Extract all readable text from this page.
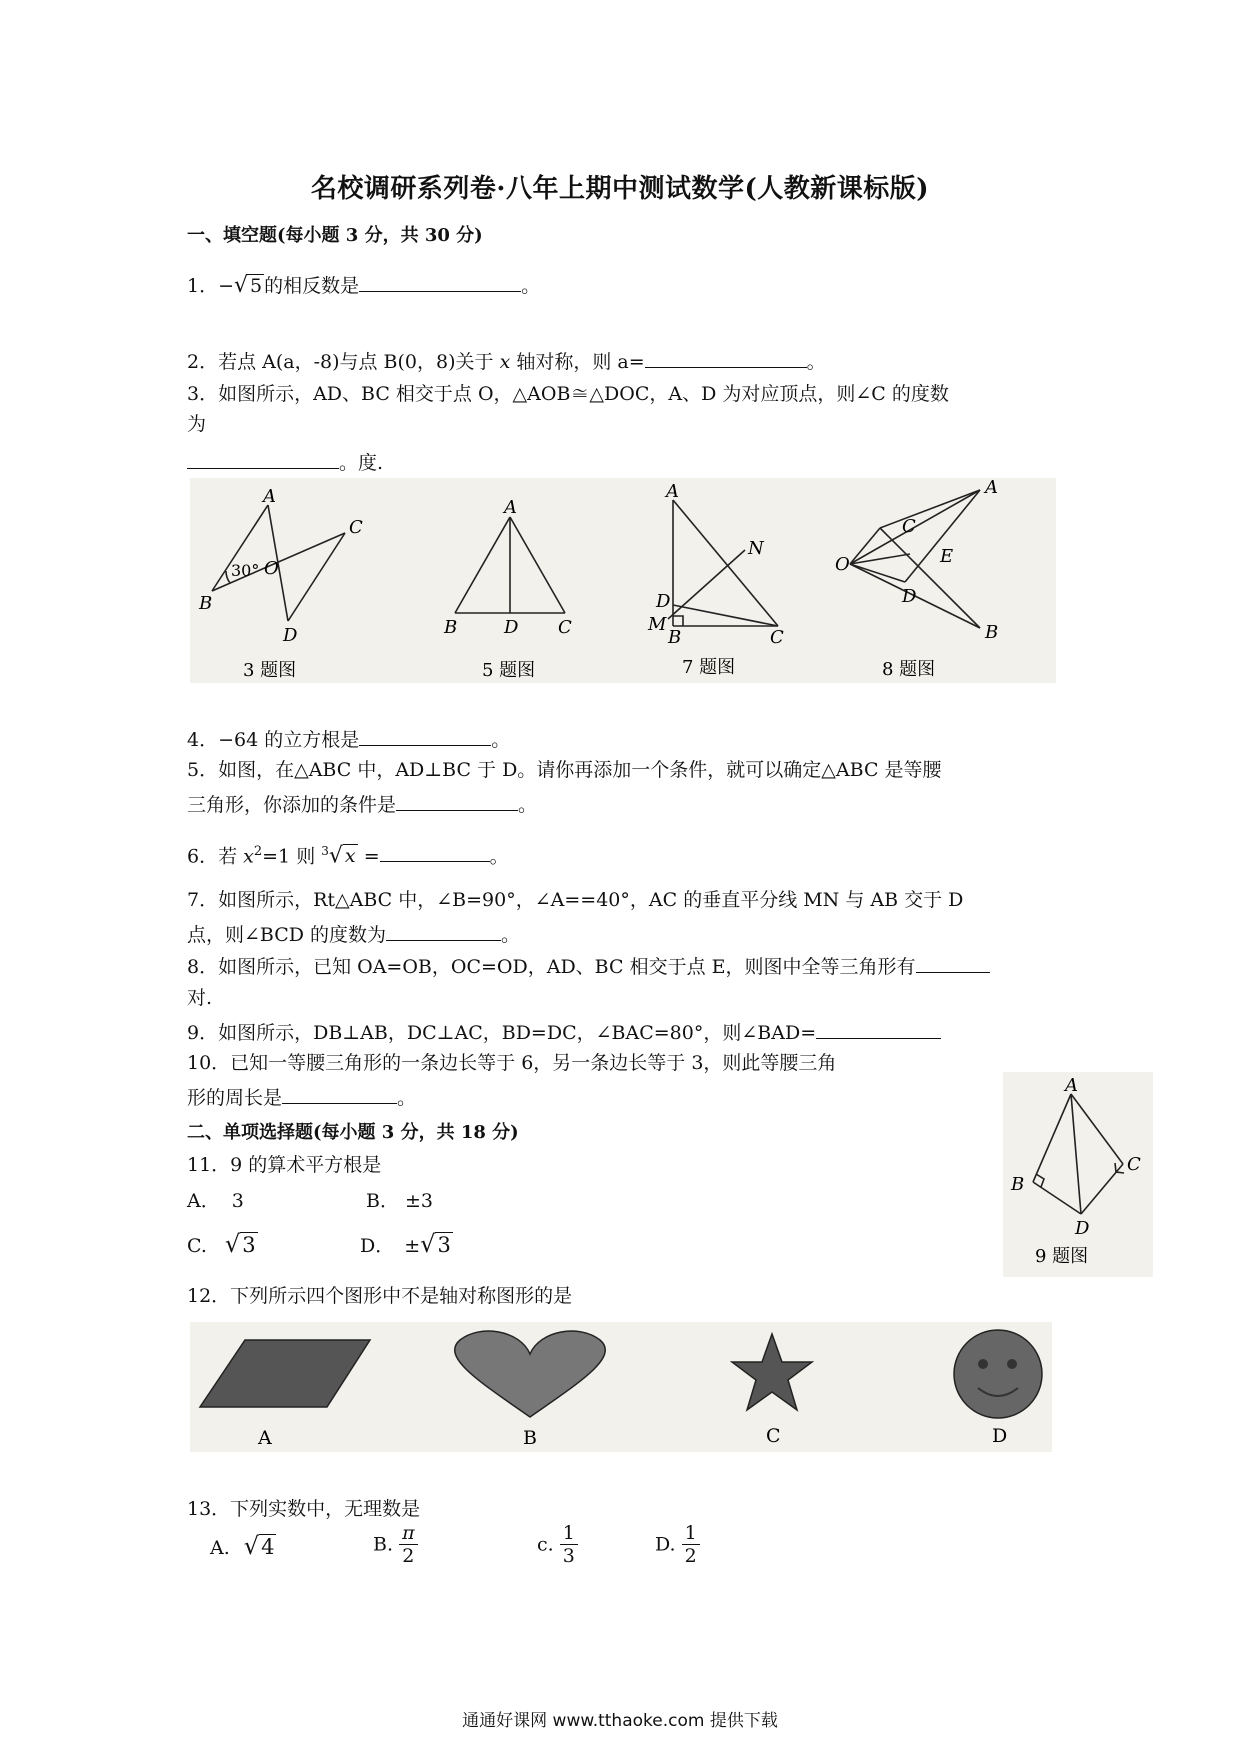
名校调研系列卷·八年上期中测试数学(人教新课标版)
一、填空题(每小题 3 分，共 30 分)
1．−√ 5 的相反数是	。
2．若点 A(a，-8)与点 B(0，8)关于 x 轴对称，则 a=	。
3．如图所示，AD、BC 相交于点 O，△AOB≅△DOC，A、D 为对应顶点，则∠C 的度数
为
。度.
A
B
C
D
O
30°
3 题图
A
B	C
D
5 题图
A
N
D
M
B	C
7 题图
A
C
E
O
D
B
8 题图
4．−64 的立方根是	。
5．如图，在△ABC 中，AD⊥BC 于 D。请你再添加一个条件，就可以确定△ABC 是等腰
三角形，你添加的条件是	。
6．若 $x^2=1$ 则 $^3$√ x =	。
7．如图所示，Rt△ABC 中，∠B=90°，∠A==40°，AC 的垂直平分线 MN 与 AB 交于 D
点，则∠BCD 的度数为	。
8．如图所示，已知 OA=OB，OC=OD，AD、BC 相交于点 E，则图中全等三角形有
对.
9．如图所示，DB⊥AB，DC⊥AC，BD=DC，∠BAC=80°，则∠BAD=
10．已知一等腰三角形的一条边长等于 6，另一条边长等于 3，则此等腰三角
形的周长是	。
A
B
C
D
9 题图
二、单项选择题(每小题 3 分，共 18 分)
11．9 的算术平方根是
A． 3	B． ±3
C. √3	D． ±√3
12．下列所示四个图形中不是轴对称图形的是
A	B	C	D
13．下列实数中，无理数是
A. √4	B. $\frac{\pi}{2}$	c. $\frac{1}{3}$	D. $\frac{1}{2}$
通通好课网 www.tthaoke.com 提供下载
